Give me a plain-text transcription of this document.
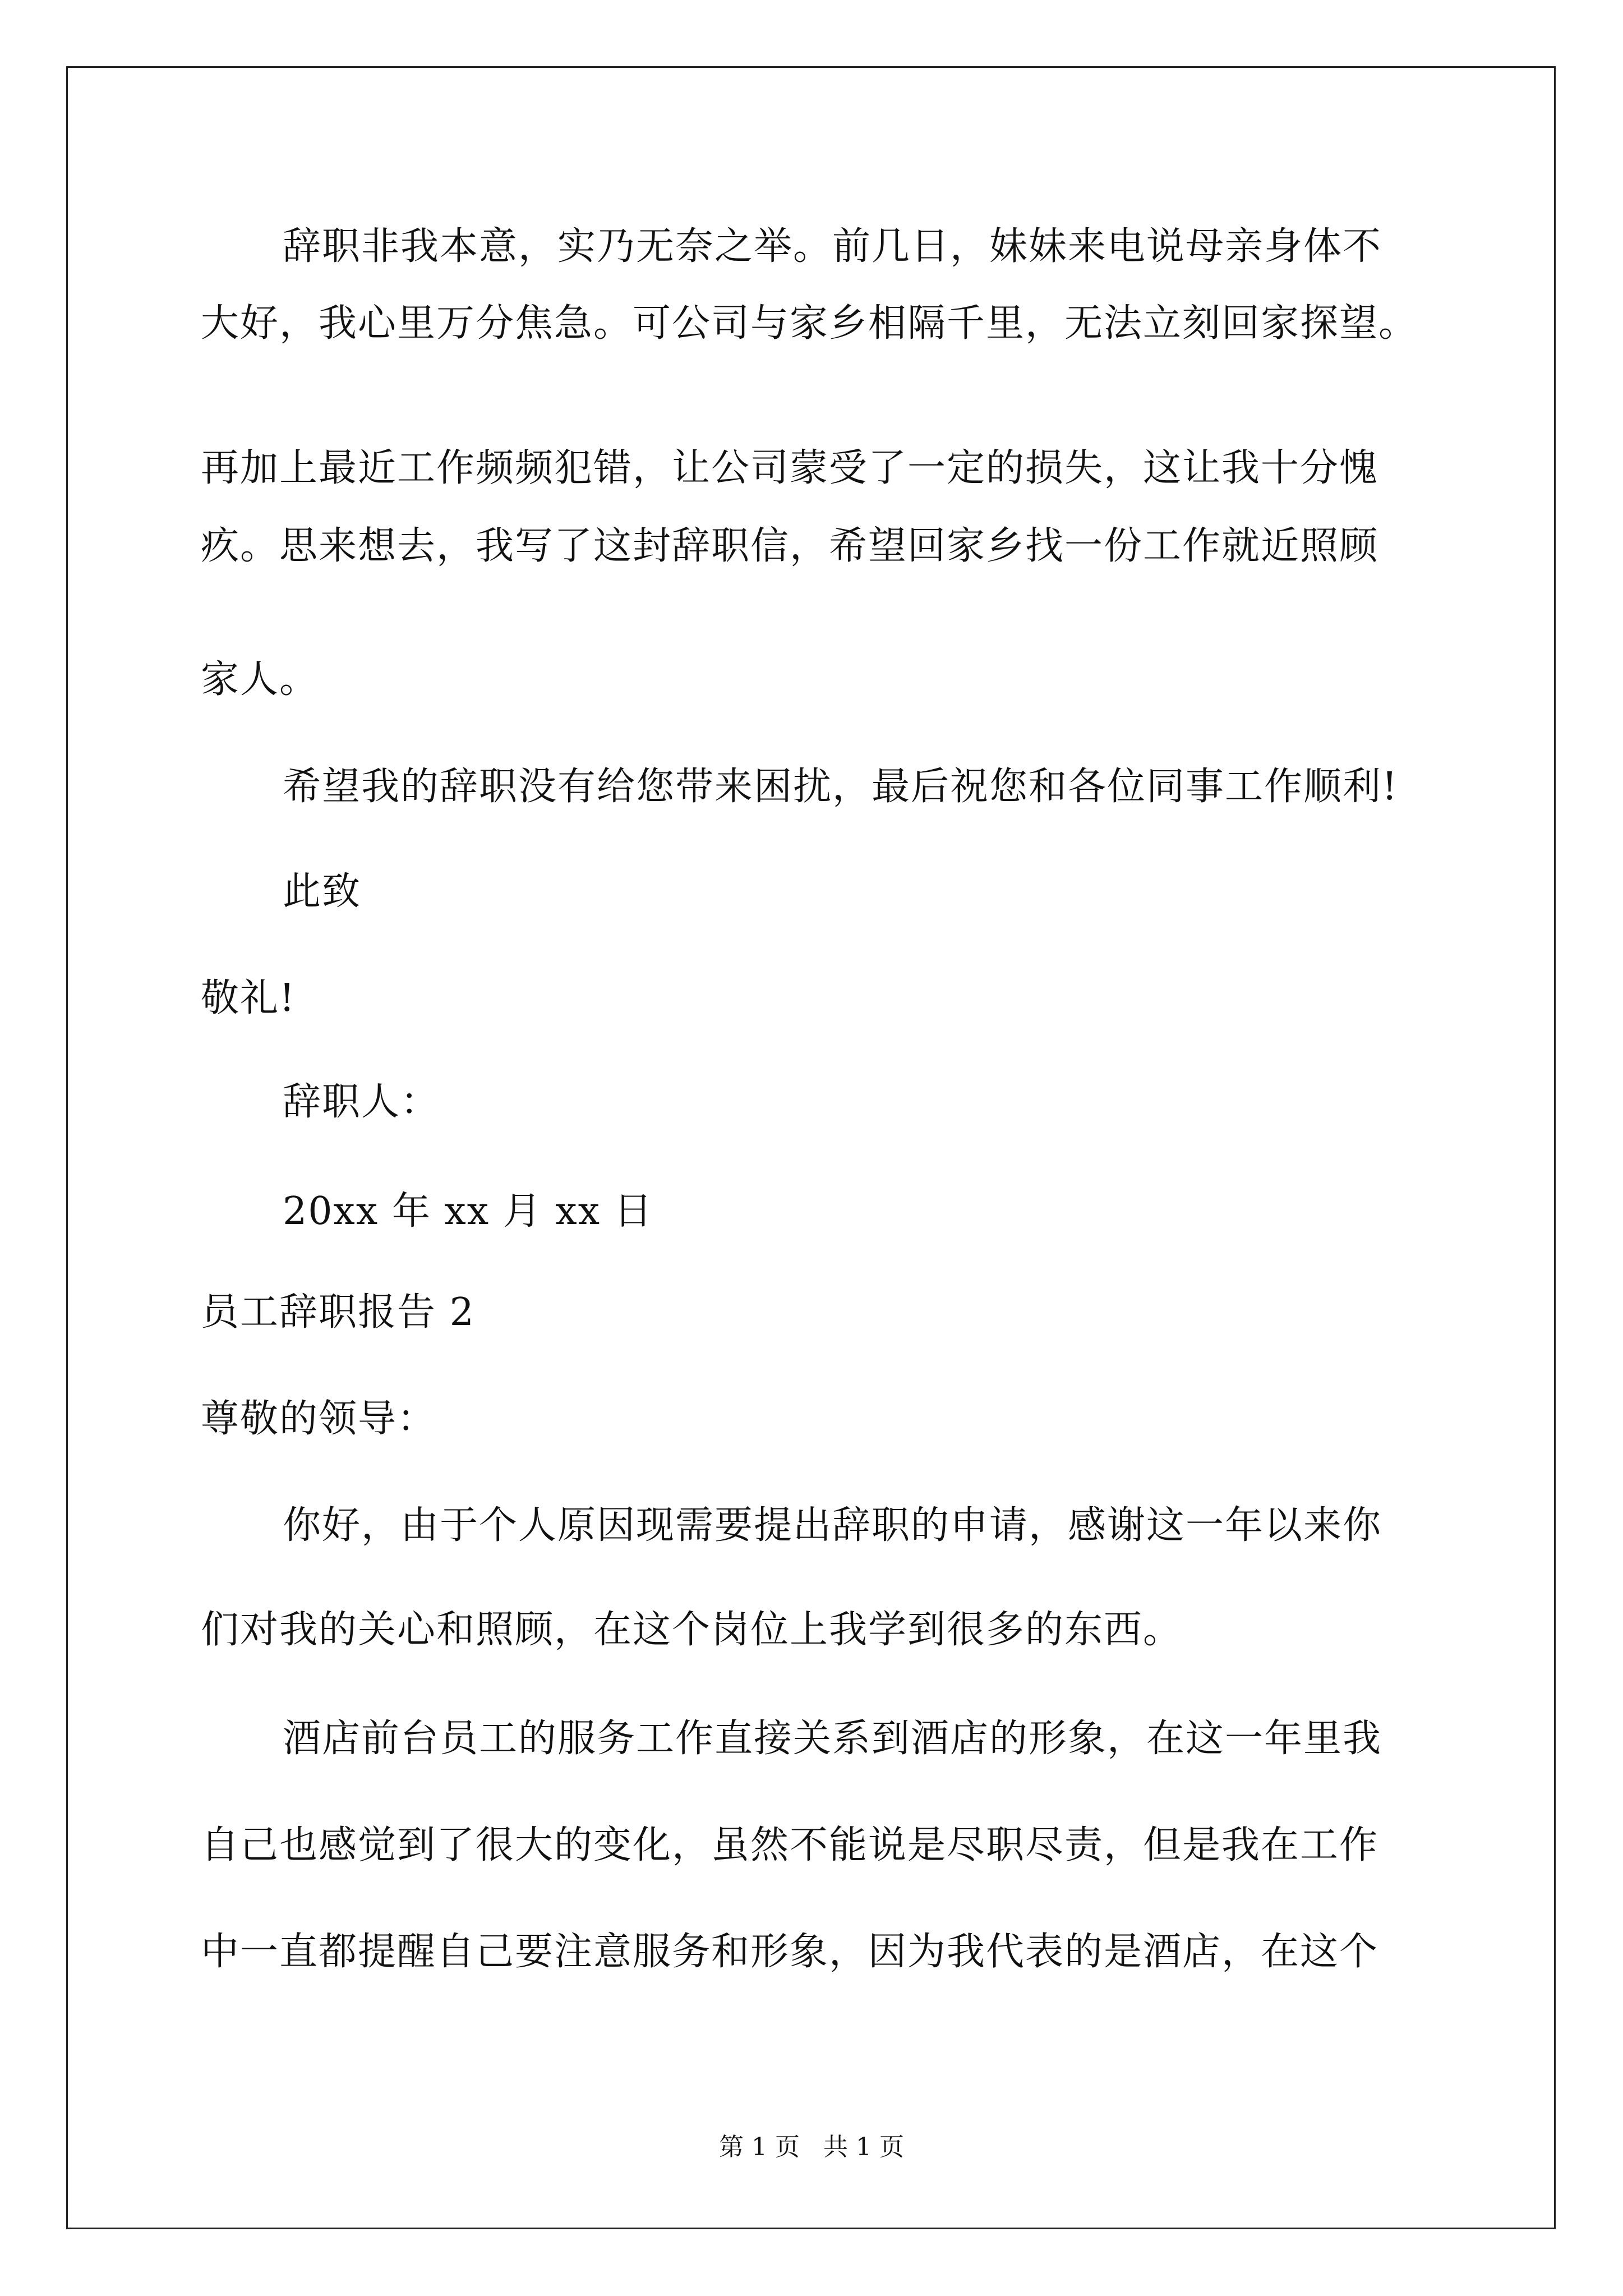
辞职非我本意，实乃无奈之举。前几日，妹妹来电说母亲身体不
大好，我心里万分焦急。可公司与家乡相隔千里，无法立刻回家探望。
再加上最近工作频频犯错，让公司蒙受了一定的损失，这让我十分愧
疚。思来想去，我写了这封辞职信，希望回家乡找一份工作就近照顾
家人。
希望我的辞职没有给您带来困扰，最后祝您和各位同事工作顺利!
此致
敬礼!
辞职人：
20xx 年 xx 月 xx 日
员工辞职报告 2
尊敬的领导：
你好，由于个人原因现需要提出辞职的申请，感谢这一年以来你
们对我的关心和照顾，在这个岗位上我学到很多的东西。
酒店前台员工的服务工作直接关系到酒店的形象，在这一年里我
自己也感觉到了很大的变化，虽然不能说是尽职尽责，但是我在工作
中一直都提醒自己要注意服务和形象，因为我代表的是酒店，在这个
第 1 页 共 1 页
